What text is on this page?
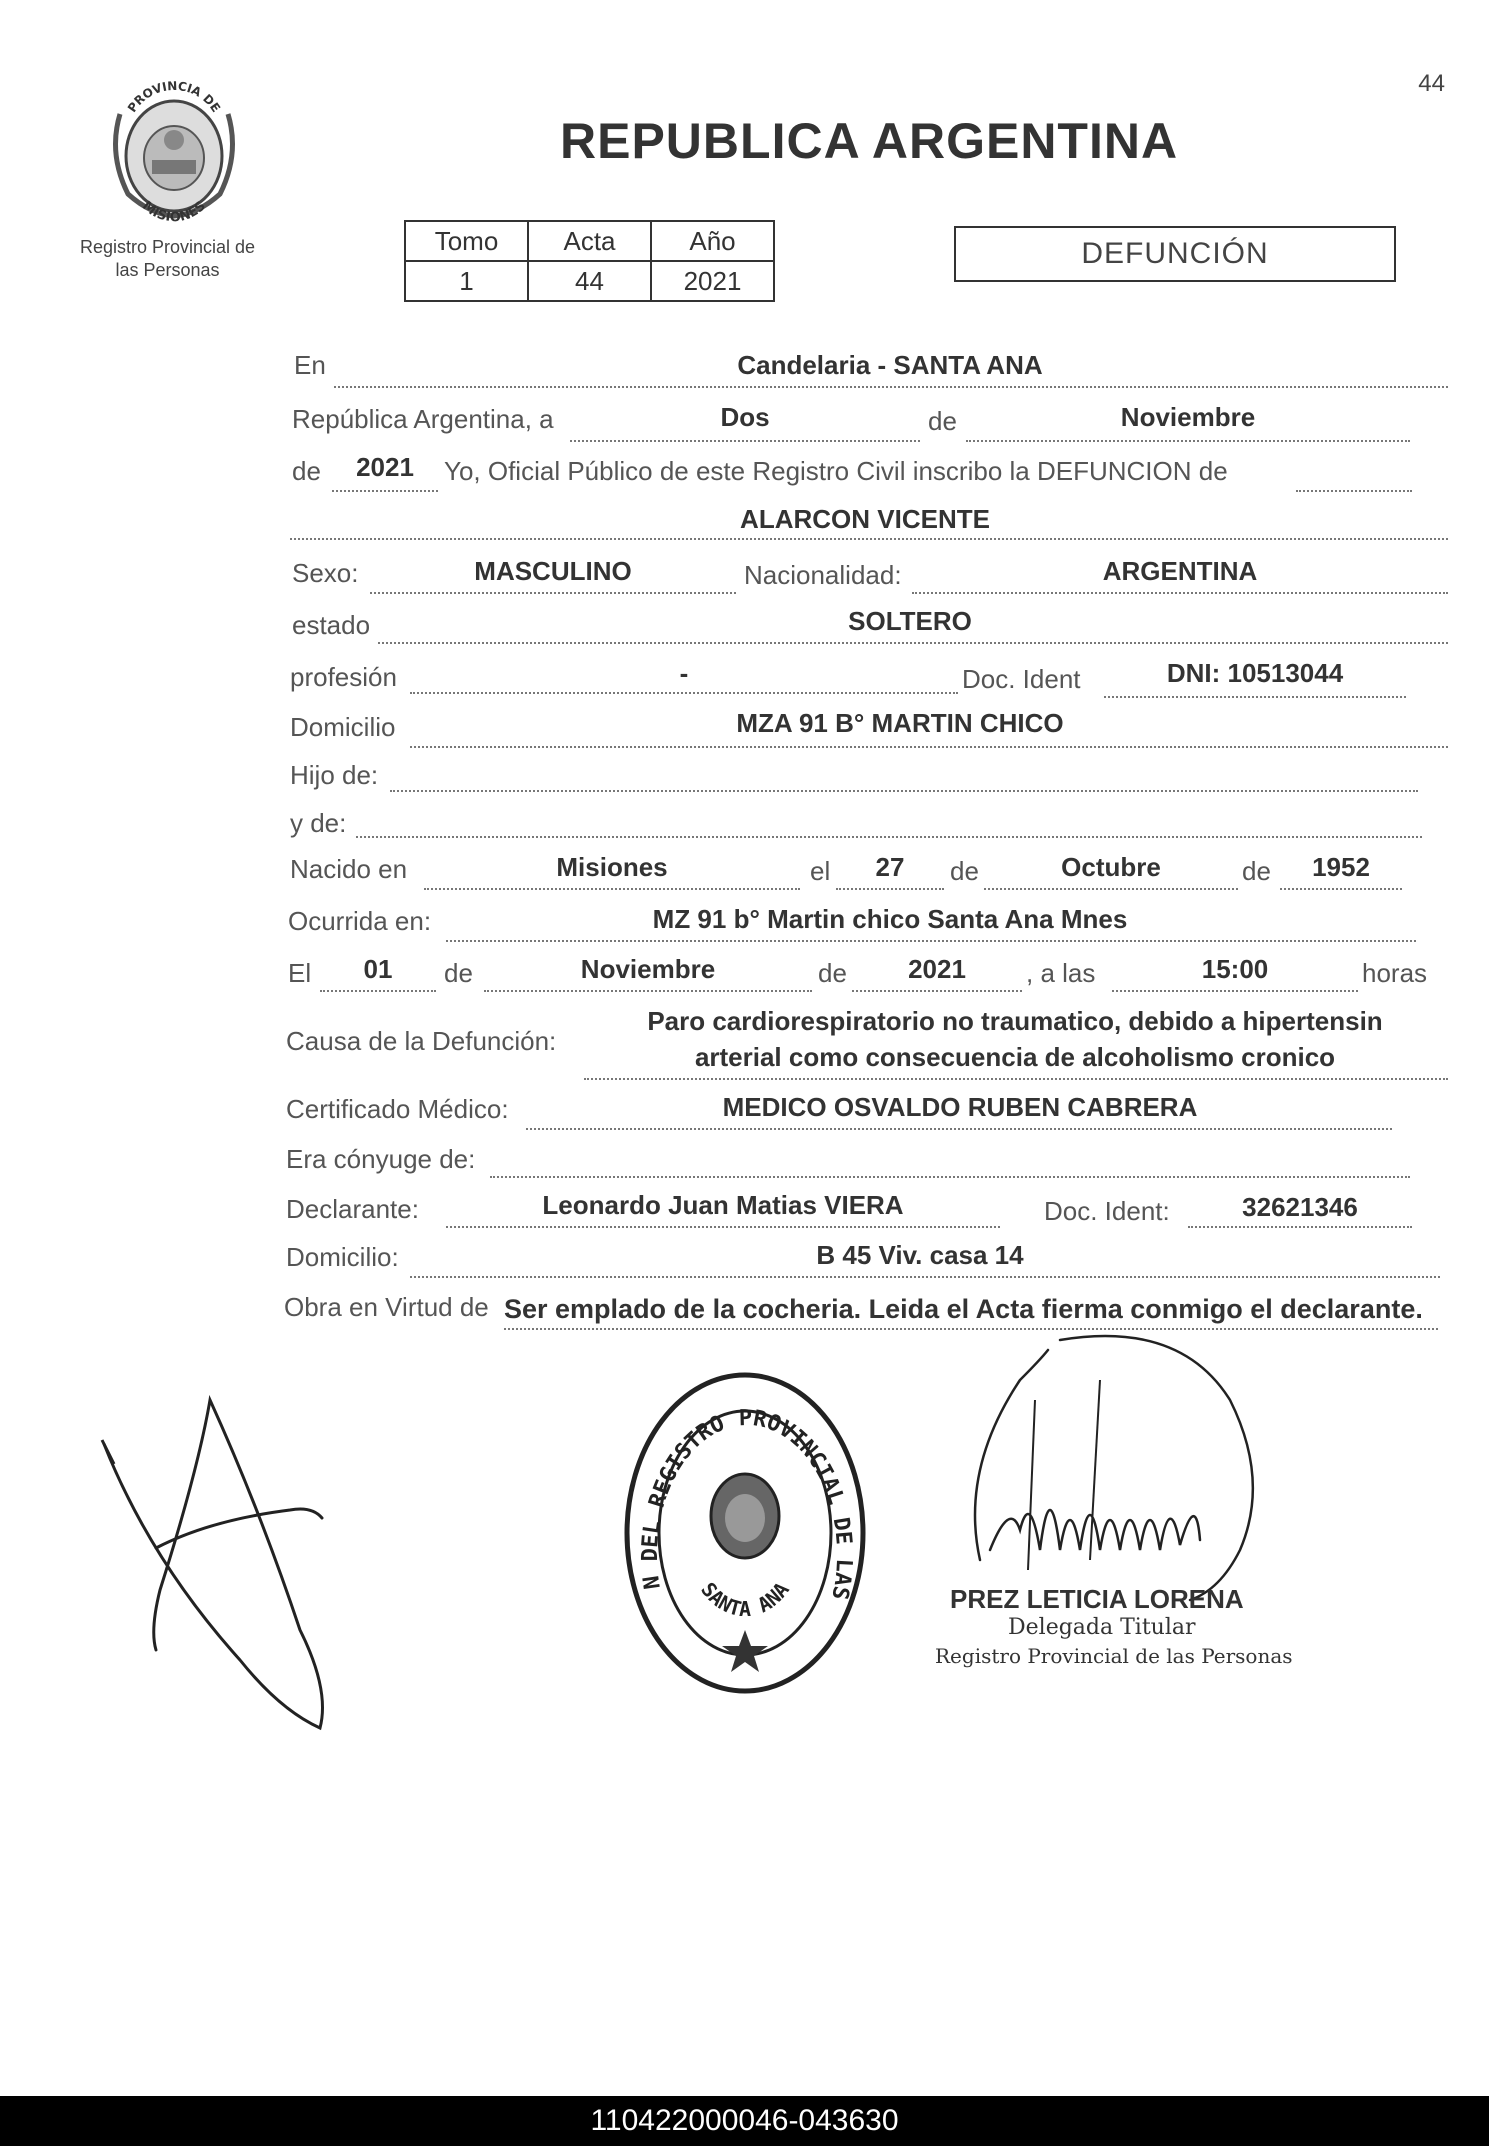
44
PROVINCIA DE
MISIONES
REPUBLICA ARGENTINA
Registro Provincial de
las Personas
Tomo	Acta	Año
1	44	2021
DEFUNCIÓN
En	Candelaria - SANTA ANA
República Argentina, a	Dos	de	Noviembre
de	2021	Yo, Oficial Público de este Registro Civil inscribo la DEFUNCION de
ALARCON VICENTE
Sexo:	MASCULINO	Nacionalidad:	ARGENTINA
estado	SOLTERO
profesión	-	Doc. Ident	DNI: 10513044
Domicilio	MZA 91 B° MARTIN CHICO
Hijo de:
y de:
Nacido en	Misiones	el	27	de	Octubre	de	1952
Ocurrida en:	MZ 91 b° Martin chico Santa Ana Mnes
El	01	de	Noviembre	de	2021	, a las	15:00	horas
Causa de la Defunción:
Paro cardiorespiratorio no traumatico, debido a hipertensin
arterial como consecuencia de alcoholismo cronico
Certificado Médico:	MEDICO OSVALDO RUBEN CABRERA
Era cónyuge de:
Declarante:	Leonardo Juan Matias VIERA	Doc. Ident:	32621346
Domicilio:	B 45 Viv. casa 14
Obra en Virtud de Ser emplado de la cocheria. Leida el Acta fierma conmigo el declarante.
N DEL REGISTRO PROVINCIAL DE LAS
SANTA ANA	PREZ LETICIA LORENA
Delegada Titular
Registro Provincial de las Personas
110422000046-043630
